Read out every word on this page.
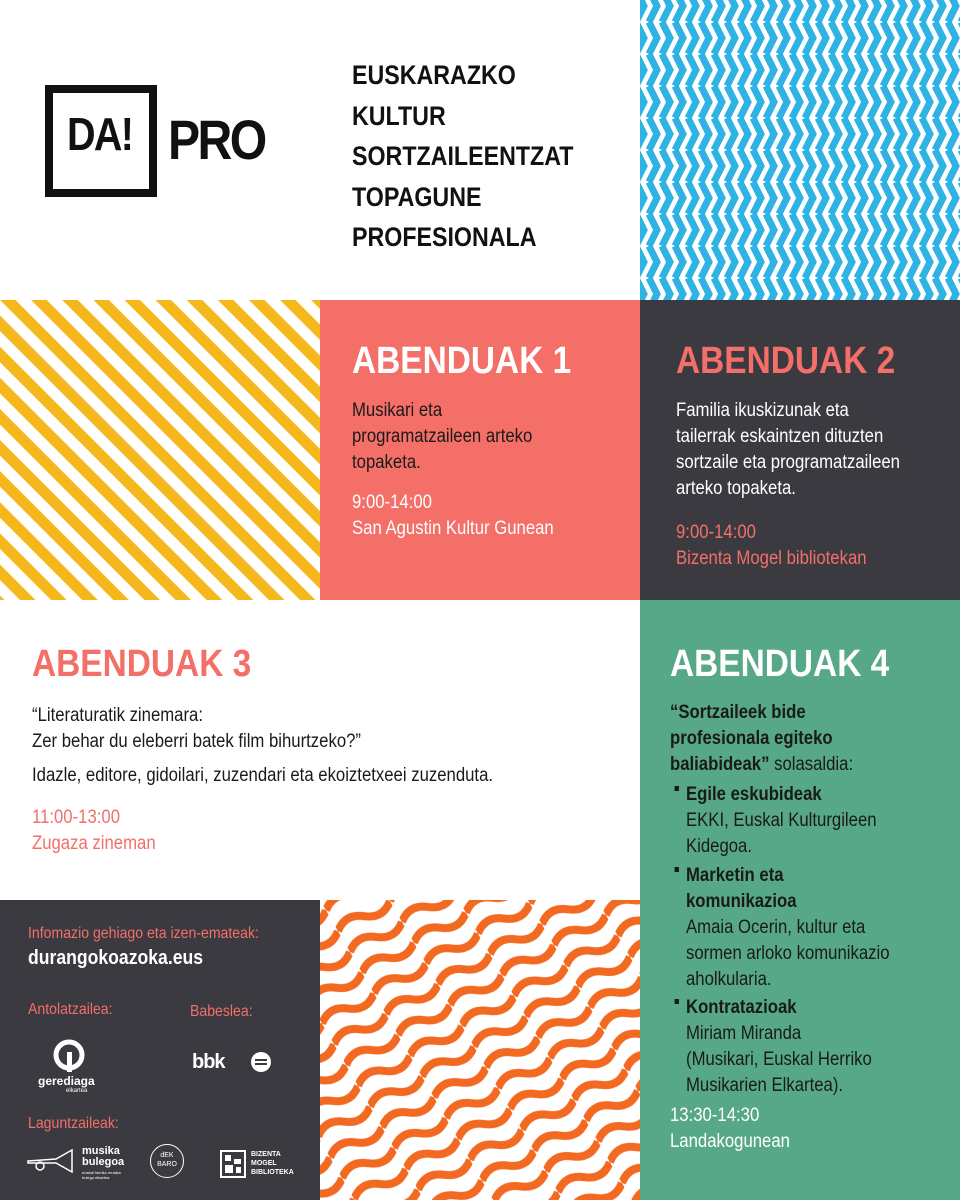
DA! PRO
EUSKARAZKO
KULTUR
SORTZAILEENTZAT
TOPAGUNE
PROFESIONALA
ABENDUAK 1
Musikari eta
programatzaileen arteko
topaketa.
9:00-14:00
San Agustin Kultur Gunean
ABENDUAK 2
Familia ikuskizunak eta
tailerrak eskaintzen dituzten
sortzaile eta programatzaileen
arteko topaketa.
9:00-14:00
Bizenta Mogel bibliotekan
ABENDUAK 3
“Literaturatik zinemara:
Zer behar du eleberri batek film bihurtzeko?”
Idazle, editore, gidoilari, zuzendari eta ekoiztetxeei zuzenduta.
11:00-13:00
Zugaza zineman
ABENDUAK 4
“Sortzaileek bide
profesionala egiteko
baliabideak” solasaldia:
Egile eskubideak
EKKI, Euskal Kulturgileen
Kidegoa.
Marketin eta
komunikazioa
Amaia Ocerin, kultur eta
sormen arloko komunikazio
aholkularia.
Kontratazioak
Miriam Miranda
(Musikari, Euskal Herriko
Musikarien Elkartea).
13:30-14:30
Landakogunean
Infomazio gehiago eta izen-emateak:
durangokoazoka.eus
Antolatzailea:	Babeslea:
gerediaga
elkartea
bbk
Laguntzaileak:
musika
bulegoa
euskal herriko musika
bulego elkartea
dEK BARO
BIZENTA
MOGEL
BIBLIOTEKA
